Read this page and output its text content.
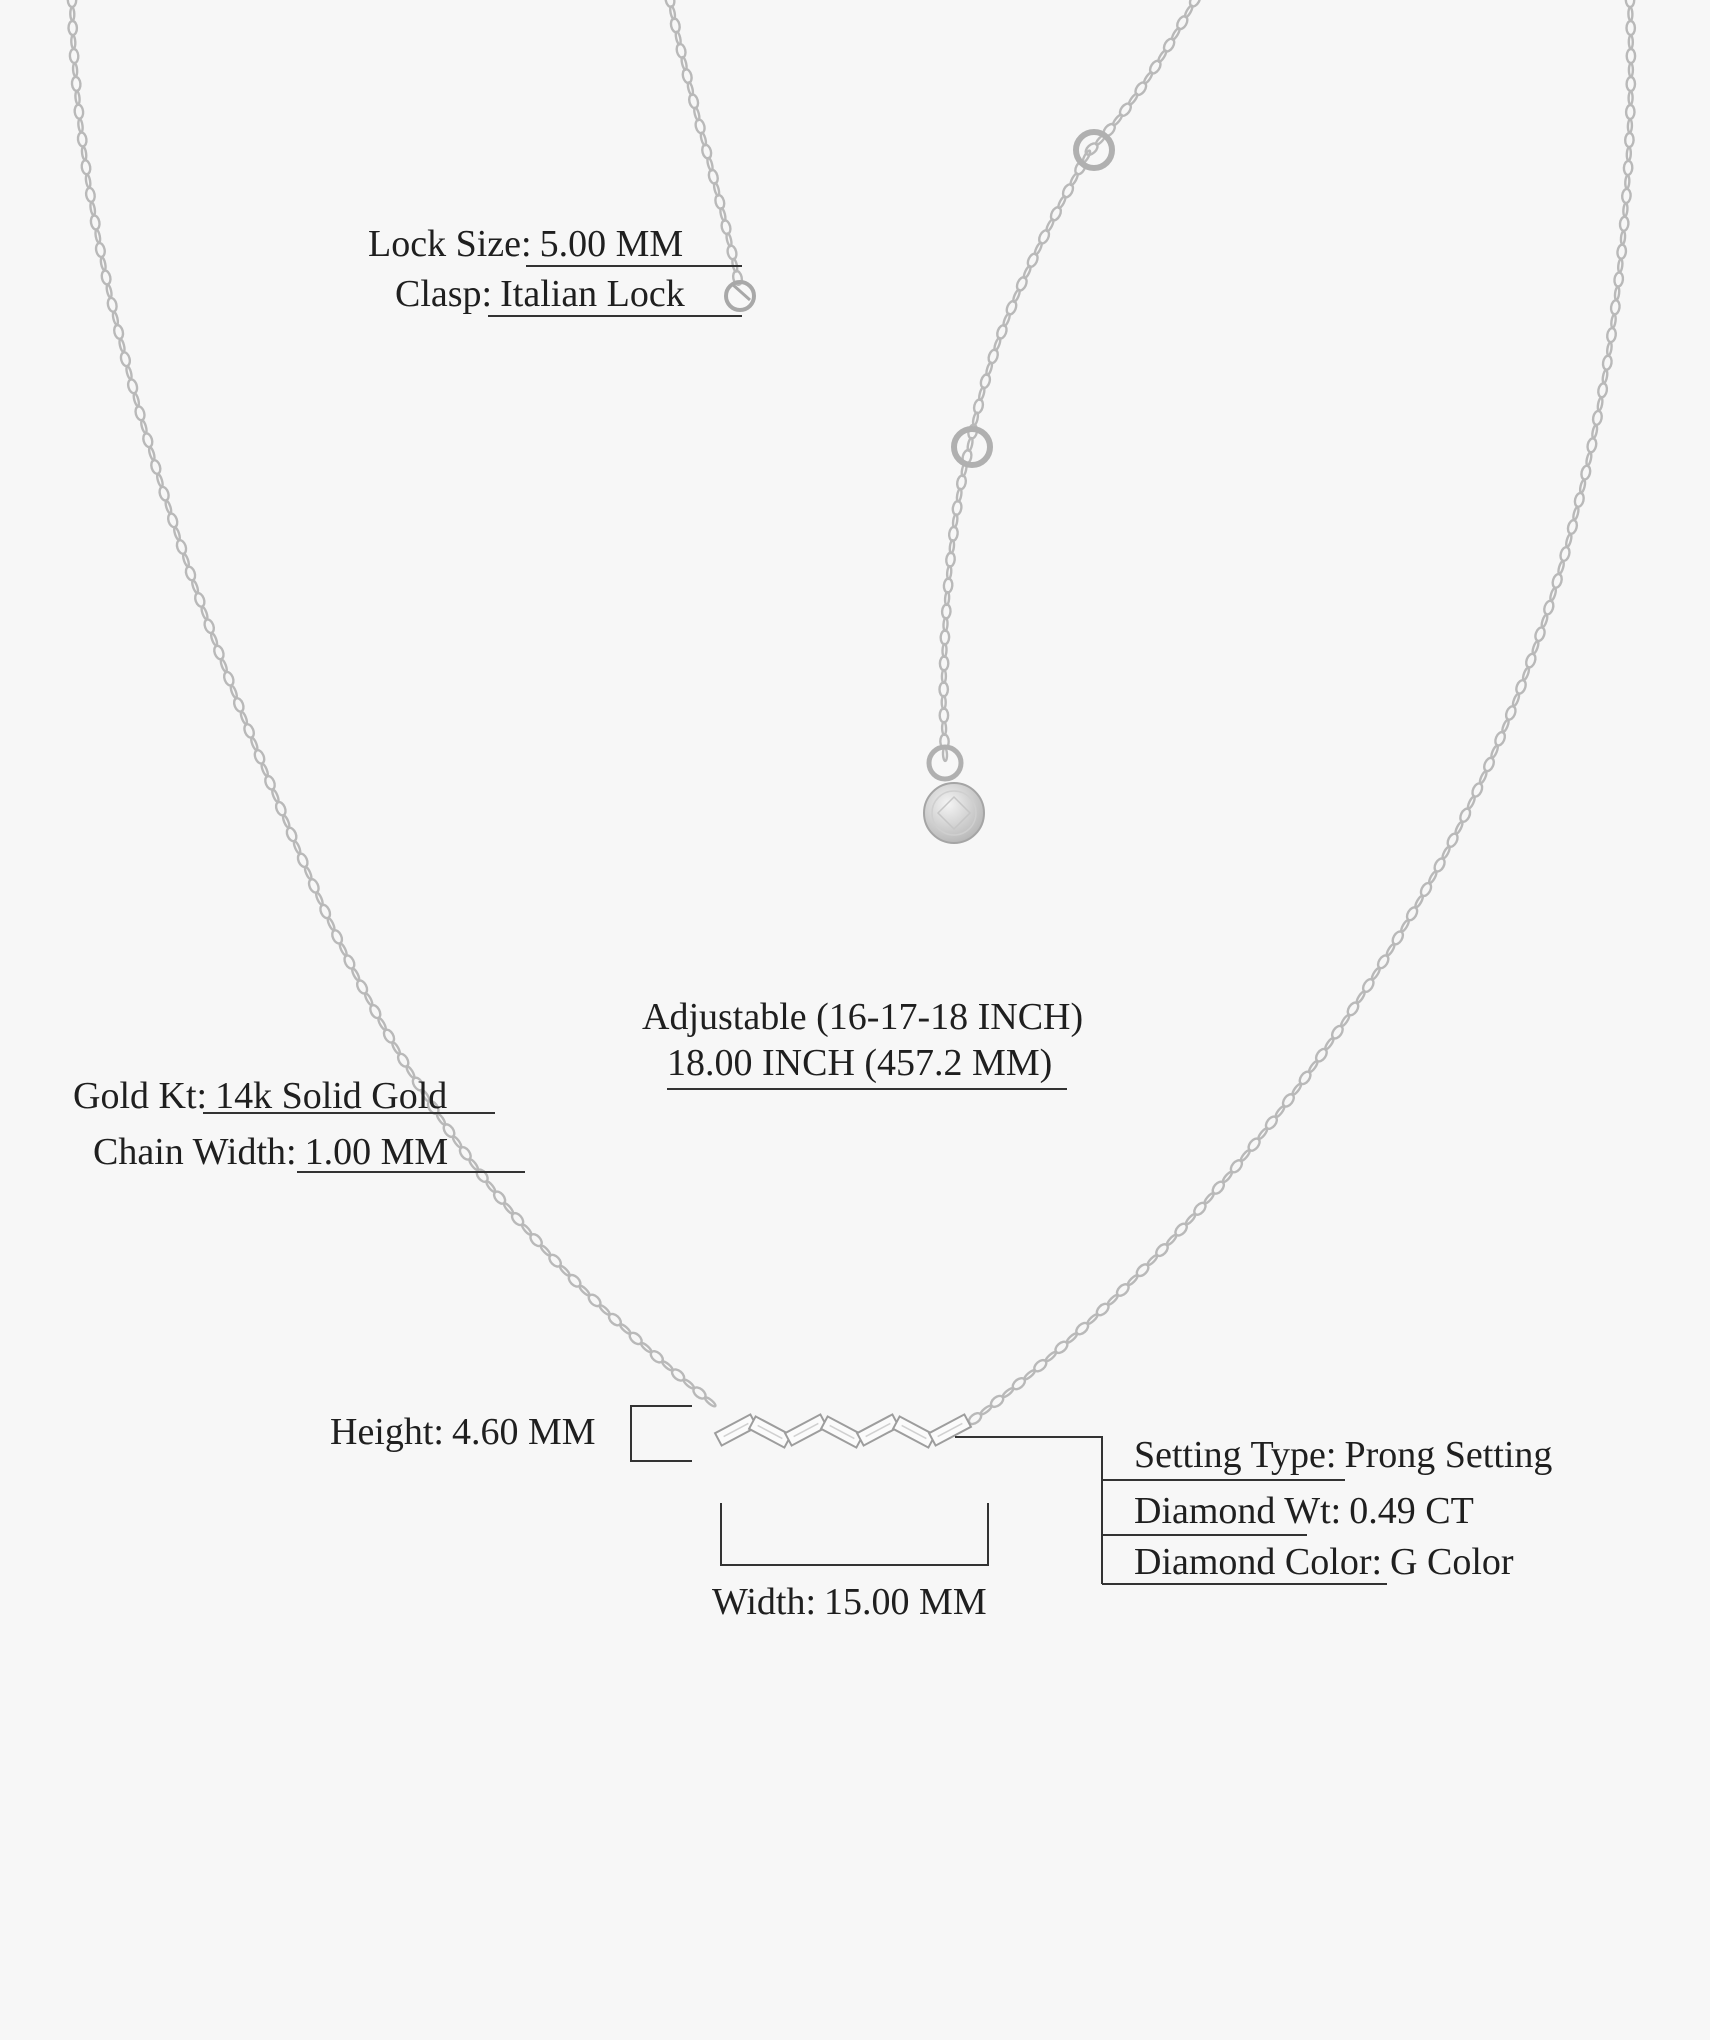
Lock Size: 5.00 MM
Clasp: Italian Lock
Adjustable (16-17-18 INCH)
18.00 INCH (457.2 MM)
Gold Kt: 14k Solid Gold
Chain Width: 1.00 MM
Height: 4.60 MM
Width: 15.00 MM
Setting Type: Prong Setting
Diamond Wt: 0.49 CT
Diamond Color: G Color
